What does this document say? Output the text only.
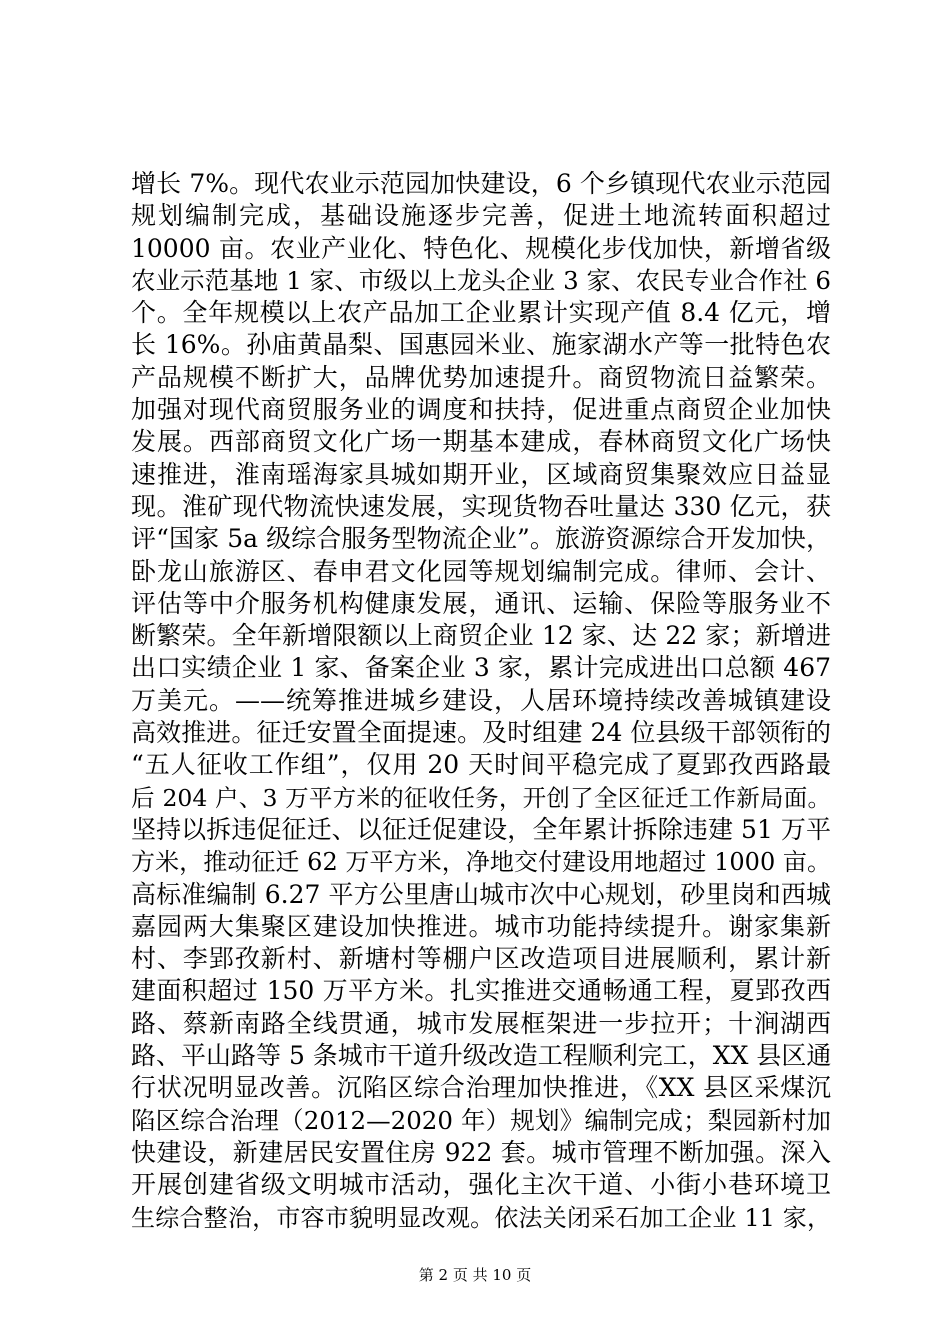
增长 7%。现代农业示范园加快建设，6 个乡镇现代农业示范园
规划编制完成，基础设施逐步完善，促进土地流转面积超过
10000 亩。农业产业化、特色化、规模化步伐加快，新增省级
农业示范基地 1 家、市级以上龙头企业 3 家、农民专业合作社 6
个。全年规模以上农产品加工企业累计实现产值 8.4 亿元，增
长 16%。孙庙黄晶梨、国惠园米业、施家湖水产等一批特色农
产品规模不断扩大，品牌优势加速提升。商贸物流日益繁荣。
加强对现代商贸服务业的调度和扶持，促进重点商贸企业加快
发展。西部商贸文化广场一期基本建成，春林商贸文化广场快
速推进，淮南瑶海家具城如期开业，区域商贸集聚效应日益显
现。淮矿现代物流快速发展，实现货物吞吐量达 330 亿元，获
评“国家 5a 级综合服务型物流企业”。旅游资源综合开发加快，
卧龙山旅游区、春申君文化园等规划编制完成。律师、会计、
评估等中介服务机构健康发展，通讯、运输、保险等服务业不
断繁荣。全年新增限额以上商贸企业 12 家、达 22 家；新增进
出口实绩企业 1 家、备案企业 3 家，累计完成进出口总额 467
万美元。——统筹推进城乡建设，人居环境持续改善城镇建设
高效推进。征迁安置全面提速。及时组建 24 位县级干部领衔的
“五人征收工作组”，仅用 20 天时间平稳完成了夏郢孜西路最
后 204 户、3 万平方米的征收任务，开创了全区征迁工作新局面。
坚持以拆违促征迁、以征迁促建设，全年累计拆除违建 51 万平
方米，推动征迁 62 万平方米，净地交付建设用地超过 1000 亩。
高标准编制 6.27 平方公里唐山城市次中心规划，砂里岗和西城
嘉园两大集聚区建设加快推进。城市功能持续提升。谢家集新
村、李郢孜新村、新塘村等棚户区改造项目进展顺利，累计新
建面积超过 150 万平方米。扎实推进交通畅通工程，夏郢孜西
路、蔡新南路全线贯通，城市发展框架进一步拉开；十涧湖西
路、平山路等 5 条城市干道升级改造工程顺利完工，XX 县区通
行状况明显改善。沉陷区综合治理加快推进，《XX 县区采煤沉
陷区综合治理（2012—2020 年）规划》编制完成；梨园新村加
快建设，新建居民安置住房 922 套。城市管理不断加强。深入
开展创建省级文明城市活动，强化主次干道、小街小巷环境卫
生综合整治，市容市貌明显改观。依法关闭采石加工企业 11 家，
第 2 页 共 10 页
